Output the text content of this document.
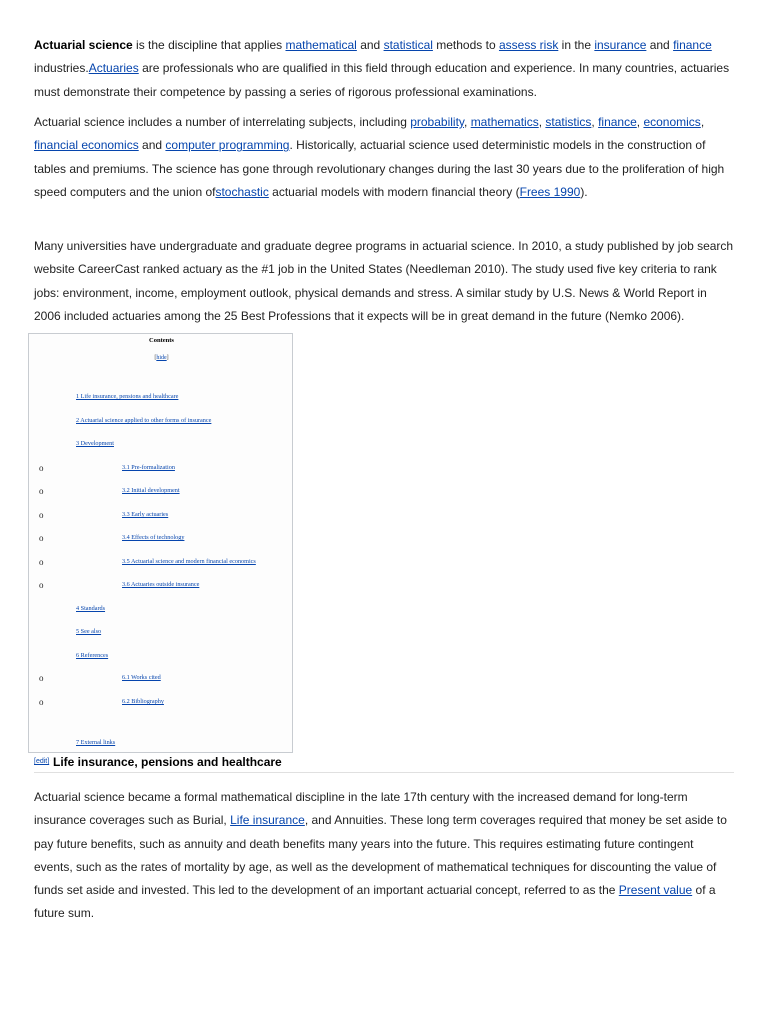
Actuarial science is the discipline that applies mathematical and statistical methods to assess risk in the insurance and finance industries.Actuaries are professionals who are qualified in this field through education and experience. In many countries, actuaries must demonstrate their competence by passing a series of rigorous professional examinations.

Actuarial science includes a number of interrelating subjects, including probability, mathematics, statistics, finance, economics, financial economics and computer programming. Historically, actuarial science used deterministic models in the construction of tables and premiums. The science has gone through revolutionary changes during the last 30 years due to the proliferation of high speed computers and the union ofstochastic actuarial models with modern financial theory (Frees 1990).

Many universities have undergraduate and graduate degree programs in actuarial science. In 2010, a study published by job search website CareerCast ranked actuary as the #1 job in the United States (Needleman 2010). The study used five key criteria to rank jobs: environment, income, employment outlook, physical demands and stress. A similar study by U.S. News & World Report in 2006 included actuaries among the 25 Best Professions that it expects will be in great demand in the future (Nemko 2006).

Contents
[hide]
1 Life insurance, pensions and healthcare
2 Actuarial science applied to other forms of insurance
3 Development
o	3.1 Pre-formalization
o	3.2 Initial development
o	3.3 Early actuaries
o	3.4 Effects of technology
o	3.5 Actuarial science and modern financial economics
o	3.6 Actuaries outside insurance
4 Standards
5 See also
6 References
o	6.1 Works cited
o	6.2 Bibliography
7 External links
[edit] Life insurance, pensions and healthcare

Actuarial science became a formal mathematical discipline in the late 17th century with the increased demand for long-term insurance coverages such as Burial, Life insurance, and Annuities. These long term coverages required that money be set aside to pay future benefits, such as annuity and death benefits many years into the future. This requires estimating future contingent events, such as the rates of mortality by age, as well as the development of mathematical techniques for discounting the value of funds set aside and invested. This led to the development of an important actuarial concept, referred to as the Present value of a future sum.
